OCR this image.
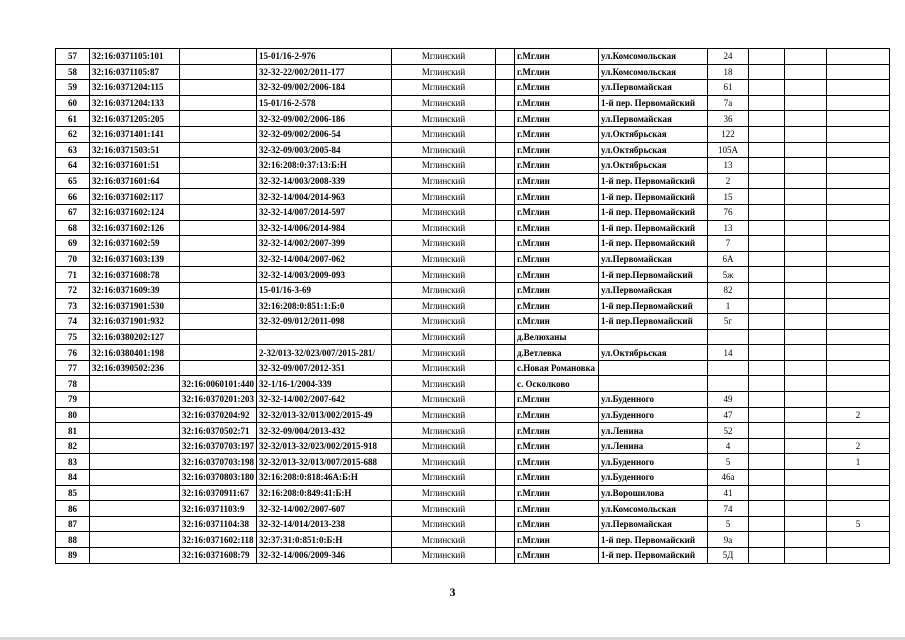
57	32:16:0371105:101		15-01/16-2-976	Мглинский		г.Мглин	ул.Комсомольская	24			
58	32:16:0371105:87		32-32-22/002/2011-177	Мглинский		г.Мглин	ул.Комсомольская	18			
59	32:16:0371204:115		32-32-09/002/2006-184	Мглинский		г.Мглин	ул.Первомайская	61			
60	32:16:0371204:133		15-01/16-2-578	Мглинский		г.Мглин	1-й пер. Первомайский	7а			
61	32:16:0371205:205		32-32-09/002/2006-186	Мглинский		г.Мглин	ул.Первомайская	36			
62	32:16:0371401:141		32-32-09/002/2006-54	Мглинский		г.Мглин	ул.Октябрьская	122			
63	32:16:0371503:51		32-32-09/003/2005-84	Мглинский		г.Мглин	ул.Октябрьская	105А			
64	32:16:0371601:51		32:16:208:0:37:13:Б:Н	Мглинский		г.Мглин	ул.Октябрьская	13			
65	32:16:0371601:64		32-32-14/003/2008-339	Мглинский		г.Мглин	1-й пер. Первомайский	2			
66	32:16:0371602:117		32-32-14/004/2014-963	Мглинский		г.Мглин	1-й пер. Первомайский	15			
67	32:16:0371602:124		32-32-14/007/2014-597	Мглинский		г.Мглин	1-й пер. Первомайский	76			
68	32:16:0371602:126		32-32-14/006/2014-984	Мглинский		г.Мглин	1-й пер. Первомайский	13			
69	32:16:0371602:59		32-32-14/002/2007-399	Мглинский		г.Мглин	1-й пер. Первомайский	7			
70	32:16:0371603:139		32-32-14/004/2007-062	Мглинский		г.Мглин	ул.Первомайская	6А			
71	32:16:0371608:78		32-32-14/003/2009-093	Мглинский		г.Мглин	1-й пер.Первомайский	5ж			
72	32:16:0371609:39		15-01/16-3-69	Мглинский		г.Мглин	ул.Первомайская	82			
73	32:16:0371901:530		32:16:208:0:851:1:Б:0	Мглинский		г.Мглин	1-й пер.Первомайский	1			
74	32:16:0371901:932		32-32-09/012/2011-098	Мглинский		г.Мглин	1-й пер.Первомайский	5г			
75	32:16:0380202:127			Мглинский		д.Велюханы					
76	32:16:0380401:198		2-32/013-32/023/007/2015-281/	Мглинский		д.Ветлевка	ул.Октябрьская	14			
77	32:16:0390502:236		32-32-09/007/2012-351	Мглинский		с.Новая Романовка					
78		32:16:0060101:440	32-1/16-1/2004-339	Мглинский		с. Осколково					
79		32:16:0370201:203	32-32-14/002/2007-642	Мглинский		г.Мглин	ул.Буденного	49			
80		32:16:0370204:92	32-32/013-32/013/002/2015-49	Мглинский		г.Мглин	ул.Буденного	47			2
81		32:16:0370502:71	32-32-09/004/2013-432	Мглинский		г.Мглин	ул.Ленина	52			
82		32:16:0370703:197	32-32/013-32/023/002/2015-918	Мглинский		г.Мглин	ул.Ленина	4			2
83		32:16:0370703:198	32-32/013-32/013/007/2015-688	Мглинский		г.Мглин	ул.Буденного	5			1
84		32:16:0370803:180	32:16:208:0:818:46А:Б:Н	Мглинский		г.Мглин	ул.Буденного	46а			
85		32:16:0370911:67	32:16:208:0:849:41:Б:Н	Мглинский		г.Мглин	ул.Ворошилова	41			
86		32:16:0371103:9	32-32-14/002/2007-607	Мглинский		г.Мглин	ул.Комсомольская	74			
87		32:16:0371104:38	32-32-14/014/2013-238	Мглинский		г.Мглин	ул.Первомайская	5			5
88		32:16:0371602:118	32:37:31:0:851:0:Б:Н	Мглинский		г.Мглин	1-й пер. Первомайский	9а			
89		32:16:0371608:79	32-32-14/006/2009-346	Мглинский		г.Мглин	1-й пер. Первомайский	5Д			
3
